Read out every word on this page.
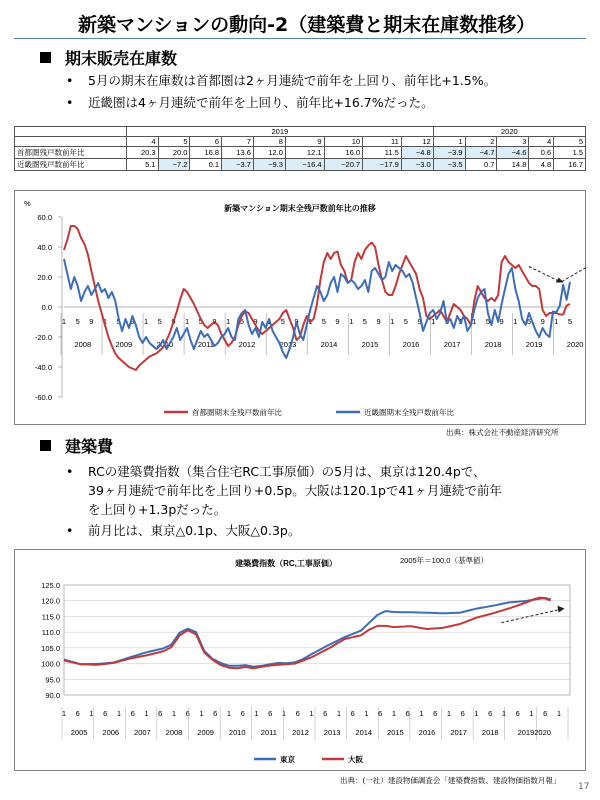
新築マンションの動向-2（建築費と期末在庫数推移）
期末販売在庫数
• 5月の期末在庫数は首都圏は2ヶ月連続で前年を上回り、前年比+1.5%。
• 近畿圏は4ヶ月連続で前年を上回り、前年比+16.7%だった。
	2019									2020				
	4	5	6	7	8	9	10	11	12	1	2	3	4	5
首都圏残戸数前年比	20.3	20.0	16.8	13.6	12.0	12.1	16.0	11.5	−4.8	−3.9	−4.7	−4.6	0.6	1.5
近畿圏残戸数前年比	5.1	−7.2	0.1	−3.7	−9.3	−16.4	−20.7	−17.9	−3.0	−3.5	0.7	14.8	4.8	16.7
新築マンション期末全残戸数前年比の推移
%
60.0
40.0
20.0
0.0
-20.0
-40.0
-60.0
1 5 9 1 5 9 1 5 9 1 5 9 1 5 9 1 5 9 1 5 9 1 5 9 1 5 9 1 5 9 1 5 9 1 5 9 1 5
2008	2009	2010	2011	2012	2013	2014	2015	2016	2017	2018	2019	2020
首都圏期末全残戸数前年比	近畿圏期末全残戸数前年比
出典：株式会社不動産経済研究所
建築費
• RCの建築費指数（集合住宅RC工事原価）の5月は、東京は120.4pで、
39ヶ月連続で前年比を上回り+0.5p。大阪は120.1pで41ヶ月連続で前年
を上回り+1.3pだった。
• 前月比は、東京△0.1p、大阪△0.3p。
建築費指数（RC,工事原価）	2005年＝100.0（基準値）
125.0
120.0
115.0
110.0
105.0
100.0
95.0
90.0
1 6 1 6 1 6 1 6 1 6 1 6 1 6 1 6 1 6 1 6 1 6 1 6 1 6 1 6 1 6 1 6 1 6 1 6 1
2005 2006 2007 2008 2009 2010 2011 2012 2013 2014 2015 2016 2017 2018	20192020
東京	大阪
出典：(一社）建設物価調査会「建築費指数、建設物価指数月報」
17
